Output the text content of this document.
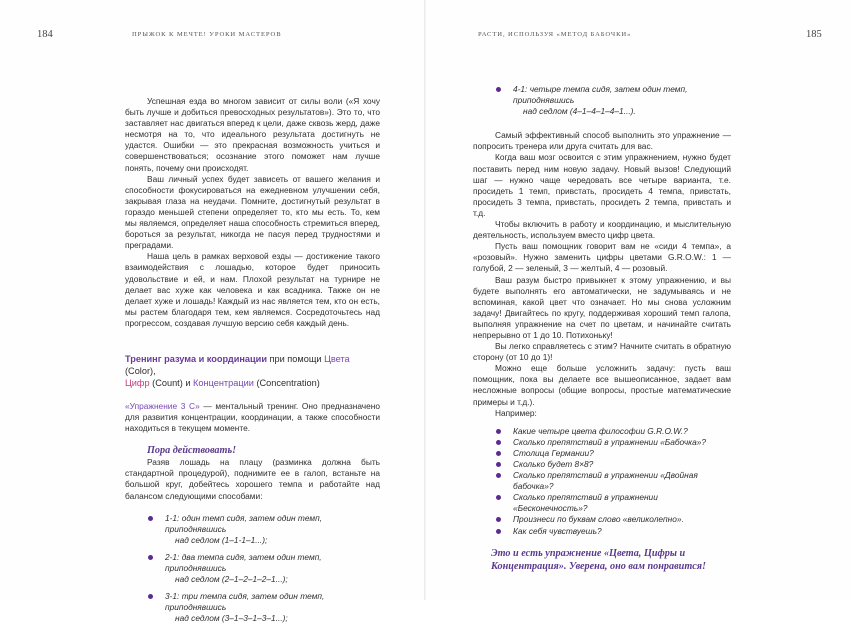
184	ПРЫЖОК К МЕЧТЕ! УРОКИ МАСТЕРОВ

Успешная езда во многом зависит от силы воли («Я хочу быть лучше и добиться превосходных результатов»). Это то, что заставляет нас двигаться вперед к цели, даже сквозь жерд, даже несмотря на то, что идеального результата достигнуть не удастся. Ошибки — это прекрасная возможность учиться и совершенствоваться; осознание этого поможет нам лучше понять, почему они происходят.

Ваш личный успех будет зависеть от вашего желания и способности фокусироваться на ежедневном улучшении себя, закрывая глаза на неудачи. Помните, достигнутый результат в гораздо меньшей степени определяет то, кто мы есть. То, кем мы являемся, определяет наша способность стремиться вперед, бороться за результат, никогда не пасуя перед трудностями и преградами.

Наша цель в рамках верховой езды — достижение такого взаимодействия с лошадью, которое будет приносить удовольствие и ей, и нам. Плохой результат на турнире не делает вас хуже как человека и как всадника. Также он не делает хуже и лошадь! Каждый из нас является тем, кто он есть, мы растем благодаря тем, кем являемся. Сосредоточьтесь над прогрессом, создавая лучшую версию себя каждый день.

Тренинг разума и координации при помощи Цвета (Color),
Цифр (Count) и Концентрации (Concentration)

«Упражнение 3 C» — ментальный тренинг. Оно предназначено для развития концентрации, координации, а также способности находиться в текущем моменте.

Пора действовать!

Разяв лошадь на плацу (разминка должна быть стандартной процедурой), поднимите ее в галоп, встаньте на большой круг, добейтесь хорошего темпа и работайте над балансом следующими способами:

1-1: один темп сидя, затем один темп, приподнявшись
над седлом (1–1-1–1...);
2-1: два темпа сидя, затем один темп, приподнявшись
над седлом (2–1–2–1–2–1...);
3-1: три темпа сидя, затем один темп, приподнявшись
над седлом (3–1–3–1–3–1...);
185
РАСТИ, ИСПОЛЬЗУЯ «МЕТОД БАБОЧКИ»
4-1: четыре темпа сидя, затем один темп, приподнявшись
над седлом (4–1–4–1–4–1...).

Самый эффективный способ выполнить это упражнение — попросить тренера или друга считать для вас.

Когда ваш мозг освоится с этим упражнением, нужно будет поставить перед ним новую задачу. Новый вызов! Следующий шаг — нужно чаще чередовать все четыре варианта, т.е. просидеть 1 темп, привстать, просидеть 4 темпа, привстать, просидеть 3 темпа, привстать, просидеть 2 темпа, привстать и т.д.

Чтобы включить в работу и координацию, и мыслительную деятельность, используем вместо цифр цвета.

Пусть ваш помощник говорит вам не «сиди 4 темпа», а «розовый». Нужно заменить цифры цветами G.R.O.W.: 1 — голубой, 2 — зеленый, 3 — желтый, 4 — розовый.

Ваш разум быстро привыкнет к этому упражнению, и вы будете выполнять его автоматически, не задумываясь и не вспоминая, какой цвет что означает. Но мы снова усложним задачу! Двигайтесь по кругу, поддерживая хороший темп галопа, выполняя упражнение на счет по цветам, и начинайте считать непрерывно от 1 до 10. Потихоньку!

Вы легко справляетесь с этим? Начните считать в обратную сторону (от 10 до 1)!

Можно еще больше усложнить задачу: пусть ваш помощник, пока вы делаете все вышеописанное, задает вам несложные вопросы (общие вопросы, простые математические примеры и т.д.).

Например:

Какие четыре цвета философии G.R.O.W.?
Сколько препятствий в упражнении «Бабочка»?
Столица Германии?
Сколько будет 8×8?
Сколько препятствий в упражнении «Двойная бабочка»?
Сколько препятствий в упражнении «Бесконечность»?
Произнеси по буквам слово «великолепно».
Как себя чувствуешь?

Это и есть упражнение «Цвета, Цифры и Концентрация». Уверена, оно вам понравится!
